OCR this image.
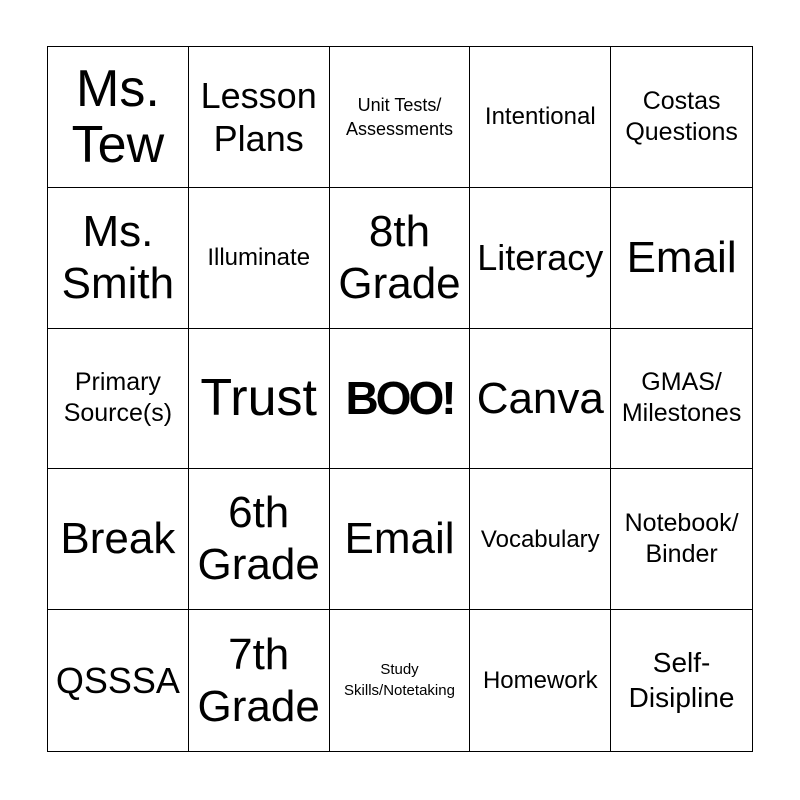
Ms.
Tew
Lesson
Plans
Unit Tests/
Assessments Intentional
Costas
Questions
Ms.
Smith
Illuminate
8th
Grade
Literacy Email
Primary
Source(s) Trust BOO! Canva	GMAS/
Milestones
Break
6th
Grade
Email Vocabulary
Notebook/
Binder
QSSSA
7th
Grade
Study
Skills/Notetaking Homework
Self-
Disipline
